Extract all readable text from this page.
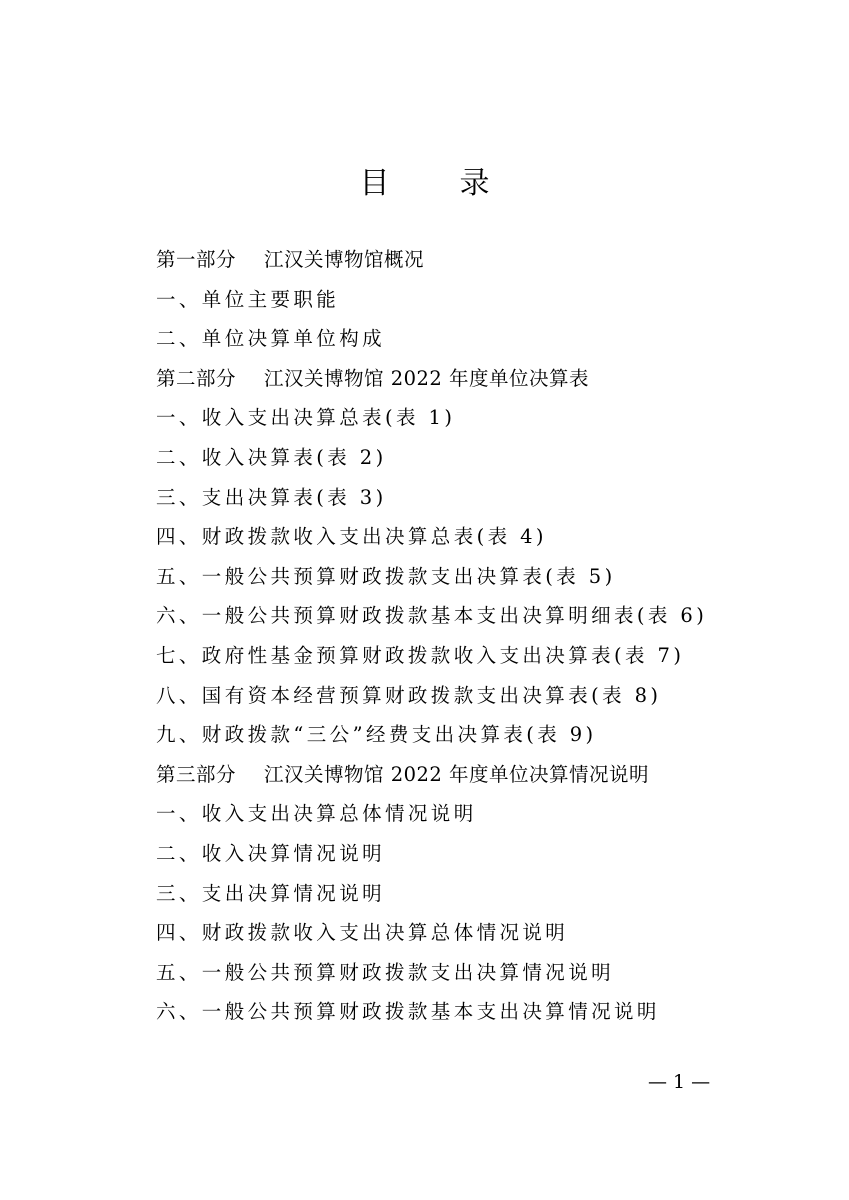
目 录
第一部分 江汉关博物馆概况
一、单位主要职能
二、单位决算单位构成
第二部分 江汉关博物馆 2022 年度单位决算表
一、收入支出决算总表(表 1)
二、收入决算表(表 2)
三、支出决算表(表 3)
四、财政拨款收入支出决算总表(表 4)
五、一般公共预算财政拨款支出决算表(表 5)
六、一般公共预算财政拨款基本支出决算明细表(表 6)
七、政府性基金预算财政拨款收入支出决算表(表 7)
八、国有资本经营预算财政拨款支出决算表(表 8)
九、财政拨款“三公”经费支出决算表(表 9)
第三部分 江汉关博物馆 2022 年度单位决算情况说明
一、收入支出决算总体情况说明
二、收入决算情况说明
三、支出决算情况说明
四、财政拨款收入支出决算总体情况说明
五、一般公共预算财政拨款支出决算情况说明
六、一般公共预算财政拨款基本支出决算情况说明
— 1 —
